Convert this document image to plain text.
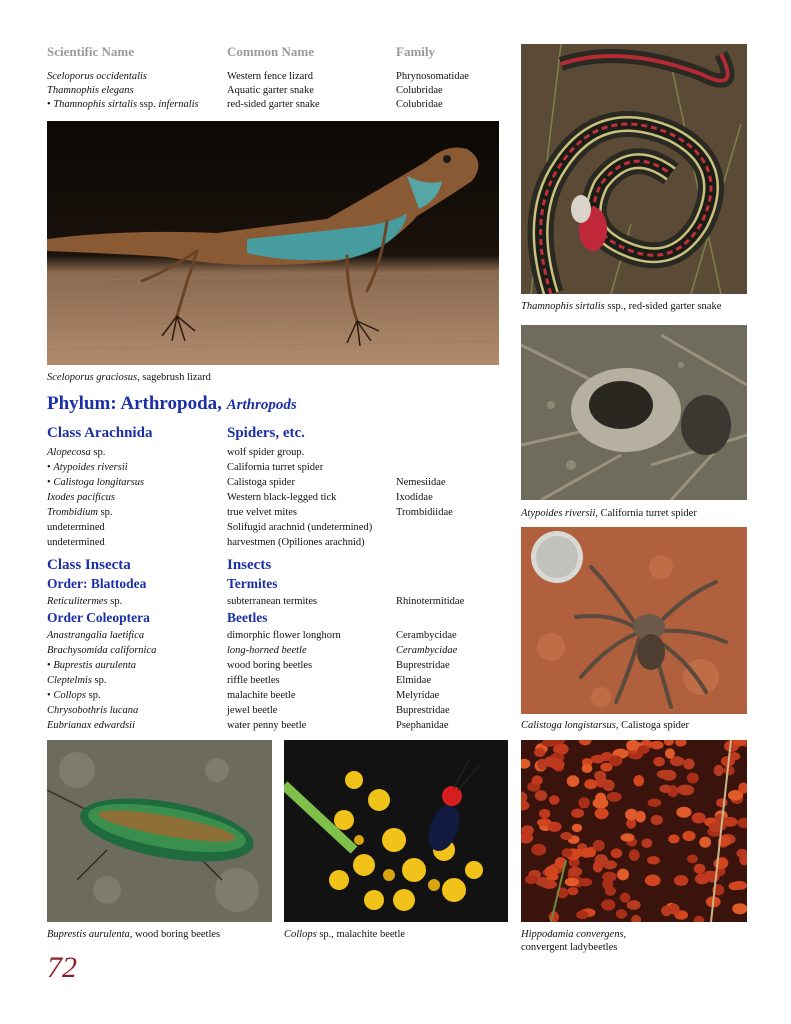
Scientific Name	Common Name	Family
Sceloporus occidentalis	Western fence lizard	Phrynosomatidae
Thamnophis elegans	Aquatic garter snake	Colubridae
• Thamnophis sirtalis ssp. infernalis	red-sided garter snake	Colubridae
Sceloporus graciosus, sagebrush lizard
Phylum: Arthropoda, Arthropods
Class Arachnida	Spiders, etc.
Alopecosa sp.	wolf spider group.
• Atypoides riversii	California turret spider
• Calistoga longitarsus	Calistoga spider	Nemesiidae
Ixodes pacificus	Western black-legged tick	Ixodidae
Trombidium sp.	true velvet mites	Trombidiidae
undetermined	Solifugid arachnid (undetermined)
undetermined	harvestmen (Opiliones arachnid)
Class Insecta	Insects
Order: Blattodea	Termites
Reticulitermes sp.	subterranean termites	Rhinotermitidae
Order Coleoptera	Beetles
Anastrangalia laetifica	dimorphic flower longhorn	Cerambycidae
Brachysomida californica	long-horned beetle	Cerambycidae
• Buprestis aurulenta	wood boring beetles	Buprestridae
Cleptelmis sp.	riffle beetles	Elmidae
• Collops sp.	malachite beetle	Melyridae
Chrysobothris lucana	jewel beetle	Buprestridae
Eubrianax edwardsii	water penny beetle	Psephanidae
Thamnophis sirtalis ssp., red-sided garter snake
Atypoides riversii, California turret spider
Calistoga longistarsus, Calistoga spider
Buprestis aurulenta, wood boring beetles	Collops sp., malachite beetle	Hippodamia convergens,
convergent ladybeetles
72
